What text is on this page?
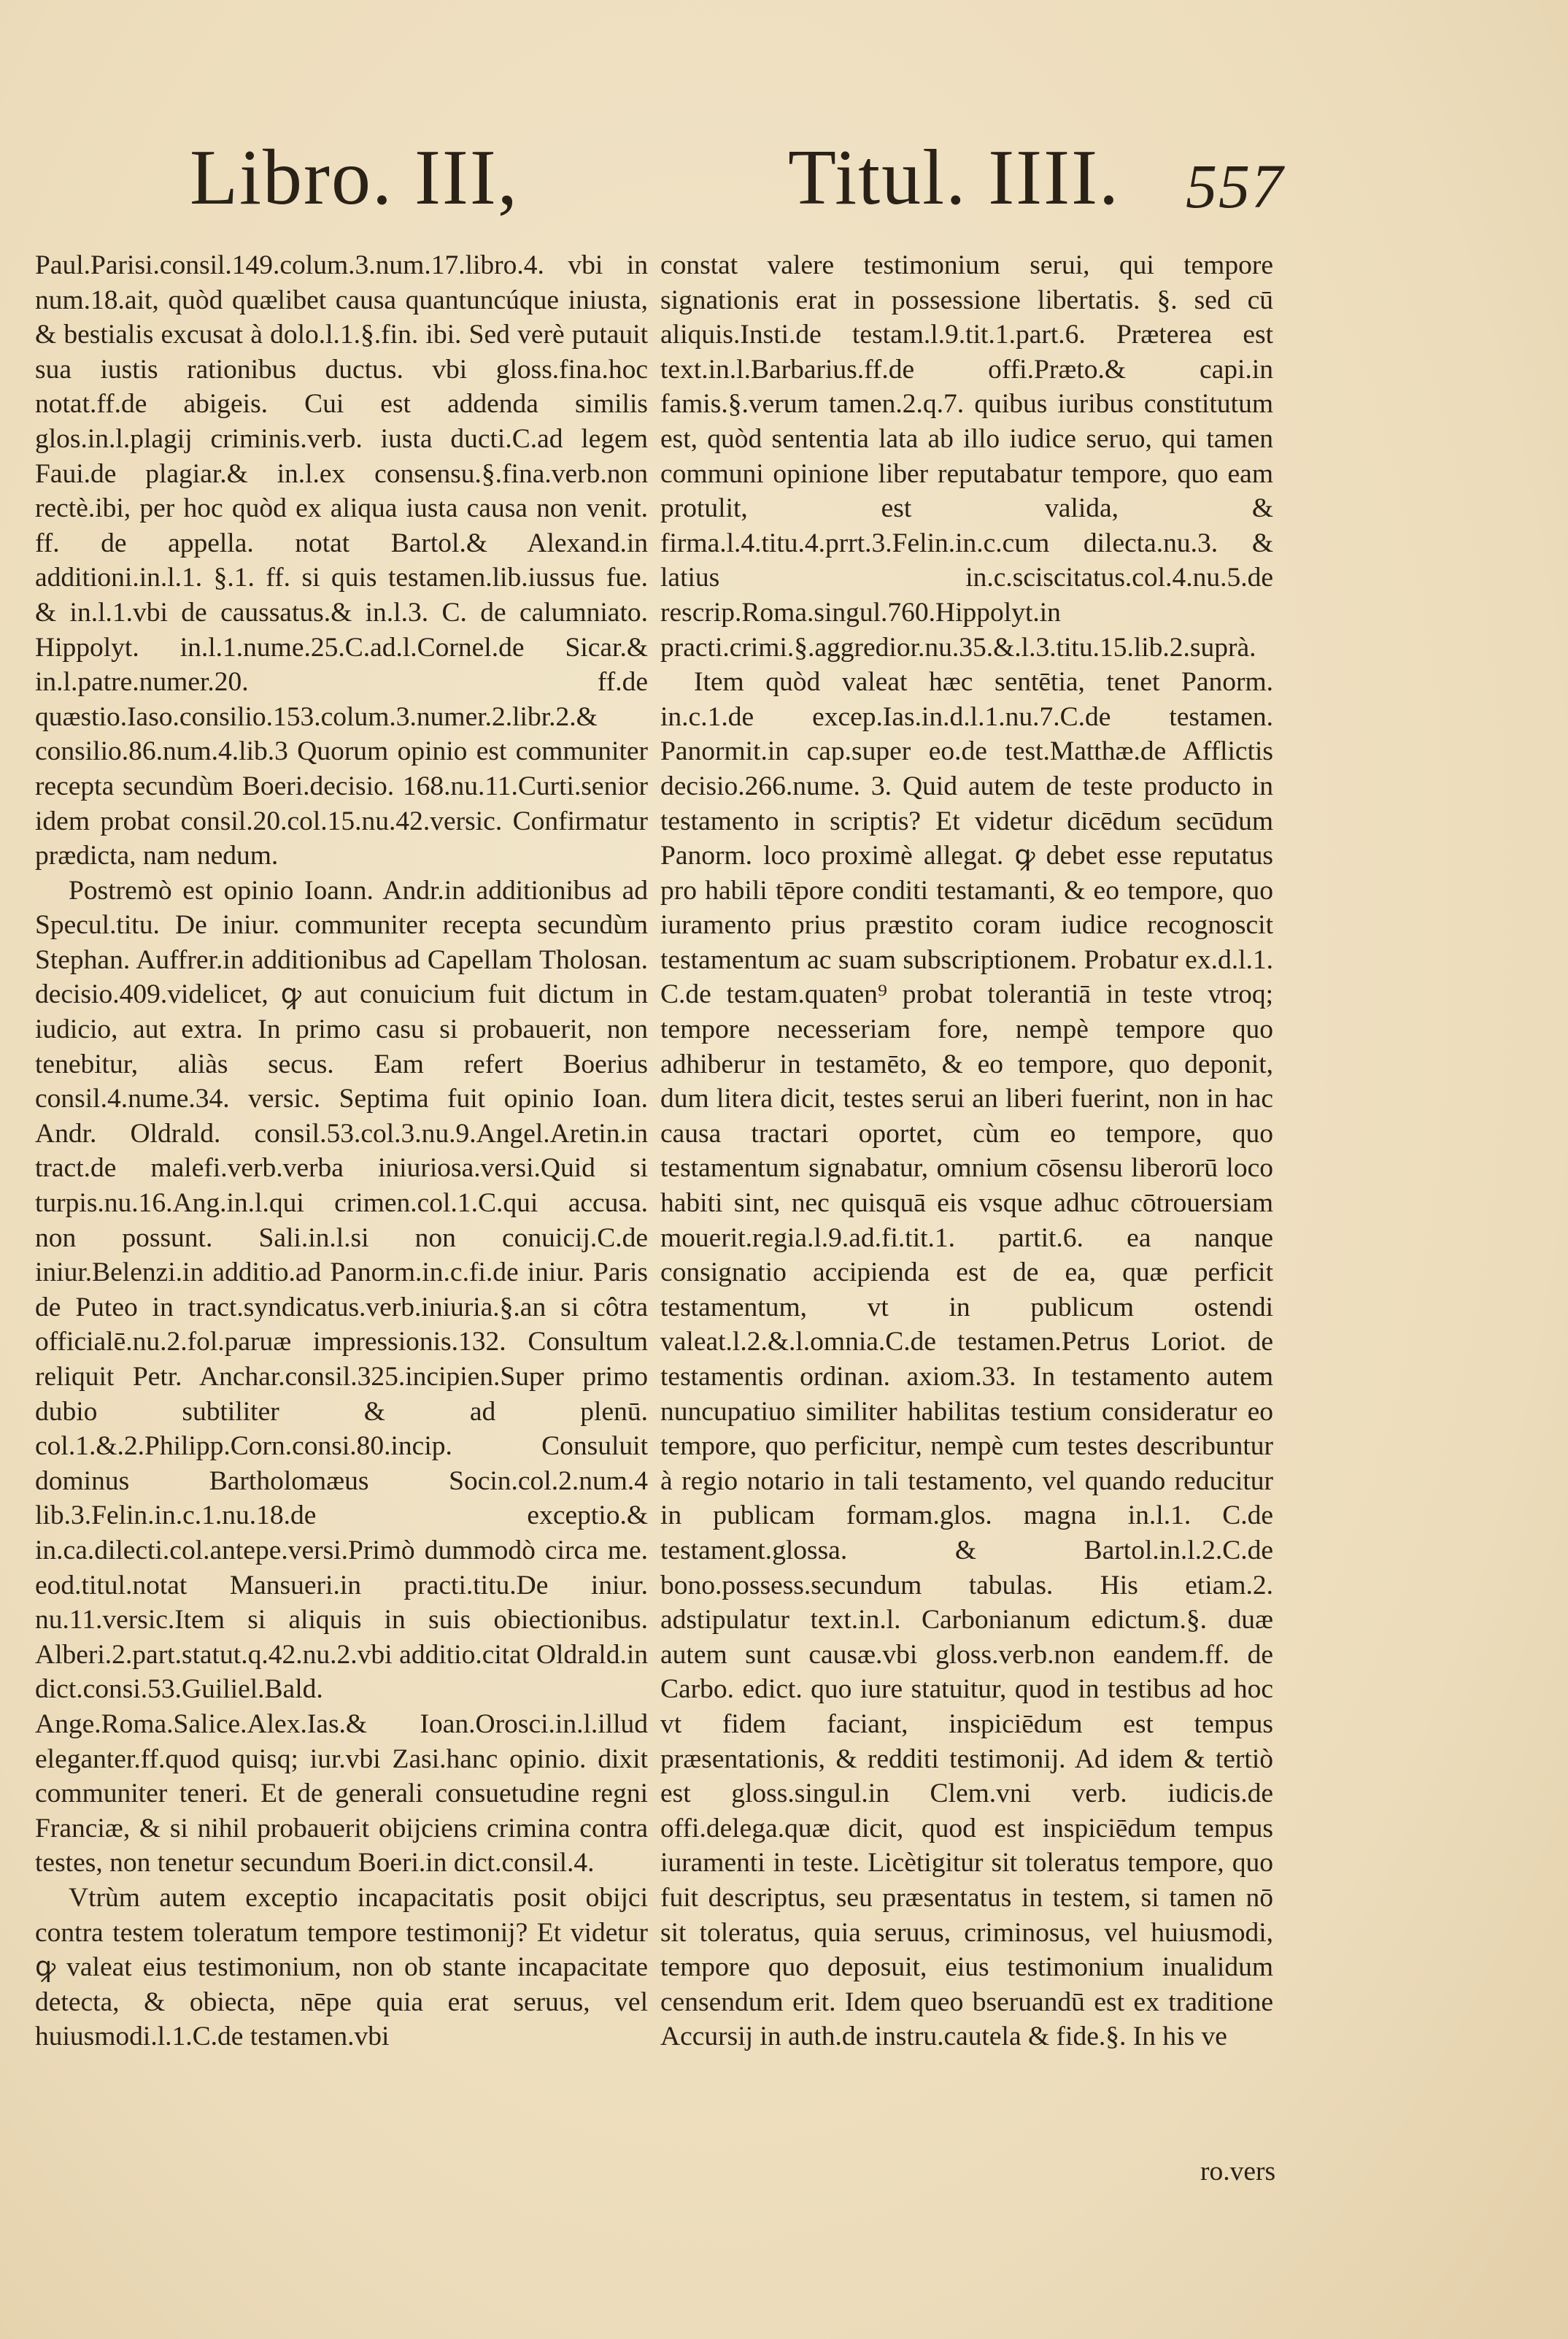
Libro. III,	Titul. IIII. 557

Paul.Parisi.consil.149.colum.3.num.17.libro.4. vbi in num.18.ait, quòd quælibet causa quantuncúque iniusta, & bestialis excusat à dolo.l.1.§.fin. ibi. Sed verè putauit sua iustis rationibus ductus. vbi gloss.fina.hoc notat.ff.de abigeis. Cui est addenda similis glos.in.l.plagij criminis.verb. iusta ducti.C.ad legem Faui.de plagiar.& in.l.ex consensu.§.fina.verb.non rectè.ibi, per hoc quòd ex aliqua iusta causa non venit. ff. de appella. notat Bartol.& Alexand.in additioni.in.l.1. §.1. ff. si quis testamen.lib.iussus fue. & in.l.1.vbi de caussatus.& in.l.3. C. de calumniato. Hippolyt. in.l.1.nume.25.C.ad.l.Cornel.de Sicar.& in.l.patre.numer.20. ff.de quæstio.Iaso.consilio.153.colum.3.numer.2.libr.2.& consilio.86.num.4.lib.3 Quorum opinio est communiter recepta secundùm Boeri.decisio. 168.nu.11.Curti.senior idem probat consil.20.col.15.nu.42.versic. Confirmatur prædicta, nam nedum.

Postremò est opinio Ioann. Andr.in additionibus ad Specul.titu. De iniur. communiter recepta secundùm Stephan. Auffrer.in additionibus ad Capellam Tholosan. decisio.409.videlicet, ꝙ aut conuicium fuit dictum in iudicio, aut extra. In primo casu si probauerit, non tenebitur, aliàs secus. Eam refert Boerius consil.4.nume.34. versic. Septima fuit opinio Ioan. Andr. Oldrald. consil.53.col.3.nu.9.Angel.Aretin.in tract.de malefi.verb.verba iniuriosa.versi.Quid si turpis.nu.16.Ang.in.l.qui crimen.col.1.C.qui accusa. non possunt. Sali.in.l.si non conuicij.C.de iniur.Belenzi.in additio.ad Panorm.in.c.fi.de iniur. Paris de Puteo in tract.syndicatus.verb.iniuria.§.an si côtra officialē.nu.2.fol.paruæ impressionis.132. Consultum reliquit Petr. Anchar.consil.325.incipien.Super primo dubio subtiliter & ad plenū. col.1.&.2.Philipp.Corn.consi.80.incip. Consuluit dominus Bartholomæus Socin.col.2.num.4 lib.3.Felin.in.c.1.nu.18.de exceptio.& in.ca.dilecti.col.antepe.versi.Primò dummodò circa me. eod.titul.notat Mansueri.in practi.titu.De iniur. nu.11.versic.Item si aliquis in suis obiectionibus. Alberi.2.part.statut.q.42.nu.2.vbi additio.citat Oldrald.in dict.consi.53.Guiliel.Bald. Ange.Roma.Salice.Alex.Ias.& Ioan.Orosci.in.l.illud eleganter.ff.quod quisq; iur.vbi Zasi.hanc opinio. dixit communiter teneri. Et de generali consuetudine regni Franciæ, & si nihil probauerit obijciens crimina contra testes, non tenetur secundum Boeri.in dict.consil.4.

Vtrùm autem exceptio incapacitatis posit obijci contra testem toleratum tempore testimonij? Et videtur ꝙ valeat eius testimonium, non ob stante incapacitate detecta, & obiecta, nēpe quia erat seruus, vel huiusmodi.l.1.C.de testamen.vbi

constat valere testimonium serui, qui tempore signationis erat in possessione libertatis. §. sed cū aliquis.Insti.de testam.l.9.tit.1.part.6. Præterea est text.in.l.Barbarius.ff.de offi.Præto.& capi.in famis.§.verum tamen.2.q.7. quibus iuribus constitutum est, quòd sententia lata ab illo iudice seruo, qui tamen communi opinione liber reputabatur tempore, quo eam protulit, est valida, & firma.l.4.titu.4.prrt.3.Felin.in.c.cum dilecta.nu.3. & latius in.c.sciscitatus.col.4.nu.5.de rescrip.Roma.singul.760.Hippolyt.in practi.crimi.§.aggredior.nu.35.&.l.3.titu.15.lib.2.suprà.

Item quòd valeat hæc sentētia, tenet Panorm. in.c.1.de excep.Ias.in.d.l.1.nu.7.C.de testamen. Panormit.in cap.super eo.de test.Matthæ.de Afflictis decisio.266.nume. 3. Quid autem de teste producto in testamento in scriptis? Et videtur dicēdum secūdum Panorm. loco proximè allegat. ꝙ debet esse reputatus pro habili tēpore conditi testamanti, & eo tempore, quo iuramento prius præstito coram iudice recognoscit testamentum ac suam subscriptionem. Probatur ex.d.l.1. C.de testam.quaten⁹ probat tolerantiā in teste vtroq; tempore necesseriam fore, nempè tempore quo adhiberur in testamēto, & eo tempore, quo deponit, dum litera dicit, testes serui an liberi fuerint, non in hac causa tractari oportet, cùm eo tempore, quo testamentum signabatur, omnium cōsensu liberorū loco habiti sint, nec quisquā eis vsque adhuc cōtrouersiam mouerit.regia.l.9.ad.fi.tit.1. partit.6. ea nanque consignatio accipienda est de ea, quæ perficit testamentum, vt in publicum ostendi valeat.l.2.&.l.omnia.C.de testamen.Petrus Loriot. de testamentis ordinan. axiom.33. In testamento autem nuncupatiuo similiter habilitas testium consideratur eo tempore, quo perficitur, nempè cum testes describuntur à regio notario in tali testamento, vel quando reducitur in publicam formam.glos. magna in.l.1. C.de testament.glossa. & Bartol.in.l.2.C.de bono.possess.secundum tabulas. His etiam.2. adstipulatur text.in.l. Carbonianum edictum.§. duæ autem sunt causæ.vbi gloss.verb.non eandem.ff. de Carbo. edict. quo iure statuitur, quod in testibus ad hoc vt fidem faciant, inspiciēdum est tempus præsentationis, & redditi testimonij. Ad idem & tertiò est gloss.singul.in Clem.vni verb. iudicis.de offi.delega.quæ dicit, quod est inspiciēdum tempus iuramenti in teste. Licètigitur sit toleratus tempore, quo fuit descriptus, seu præsentatus in testem, si tamen nō sit toleratus, quia seruus, criminosus, vel huiusmodi, tempore quo deposuit, eius testimonium inualidum censendum erit. Idem queo bseruandū est ex traditione Accursij in auth.de instru.cautela & fide.§. In his ve

ro.vers
